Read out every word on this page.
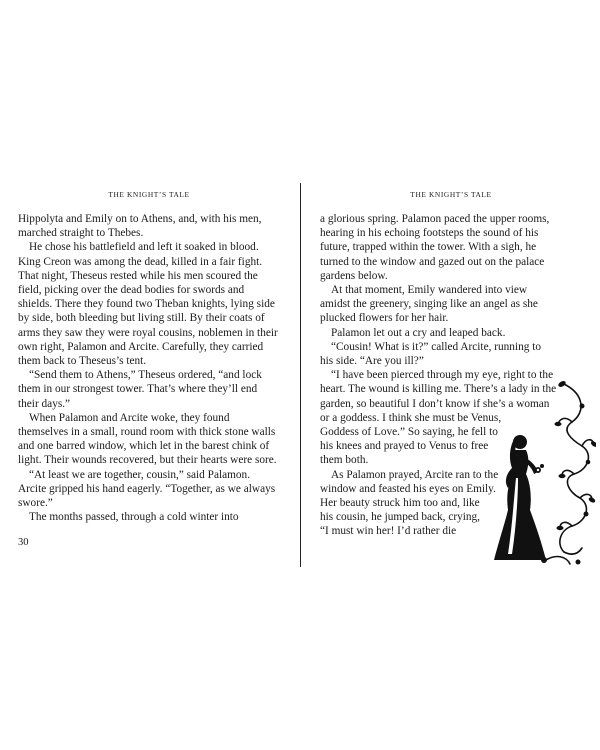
THE KNIGHT’S TALE

Hippolyta and Emily on to Athens, and, with his men, marched straight to Thebes.

He chose his battlefield and left it soaked in blood. King Creon was among the dead, killed in a fair fight. That night, Theseus rested while his men scoured the field, picking over the dead bodies for swords and shields. There they found two Theban knights, lying side by side, both bleeding but living still. By their coats of arms they saw they were royal cousins, noblemen in their own right, Palamon and Arcite. Carefully, they carried them back to Theseus’s tent.

“Send them to Athens,” Theseus ordered, “and lock them in our strongest tower. That’s where they’ll end their days.”

When Palamon and Arcite woke, they found themselves in a small, round room with thick stone walls and one barred window, which let in the barest chink of light. Their wounds recovered, but their hearts were sore.

“At least we are together, cousin,” said Palamon. Arcite gripped his hand eagerly. “Together, as we always swore.”

The months passed, through a cold winter into

30
THE KNIGHT’S TALE

a glorious spring. Palamon paced the upper rooms,

hearing in his echoing footsteps the sound of his

future, trapped within the tower. With a sigh, he

turned to the window and gazed out on the palace

gardens below.

At that moment, Emily wandered into view

amidst the greenery, singing like an angel as she

plucked flowers for her hair.

Palamon let out a cry and leaped back.

“Cousin! What is it?” called Arcite, running to

his side. “Are you ill?”

“I have been pierced through my eye, right to the

heart. The wound is killing me. There’s a lady in the

garden, so beautiful I don’t know if she’s a woman

or a goddess. I think she must be Venus,

Goddess of Love.” So saying, he fell to

his knees and prayed to Venus to free

them both.

As Palamon prayed, Arcite ran to the

window and feasted his eyes on Emily.

Her beauty struck him too and, like

his cousin, he jumped back, crying,

“I must win her! I’d rather die
